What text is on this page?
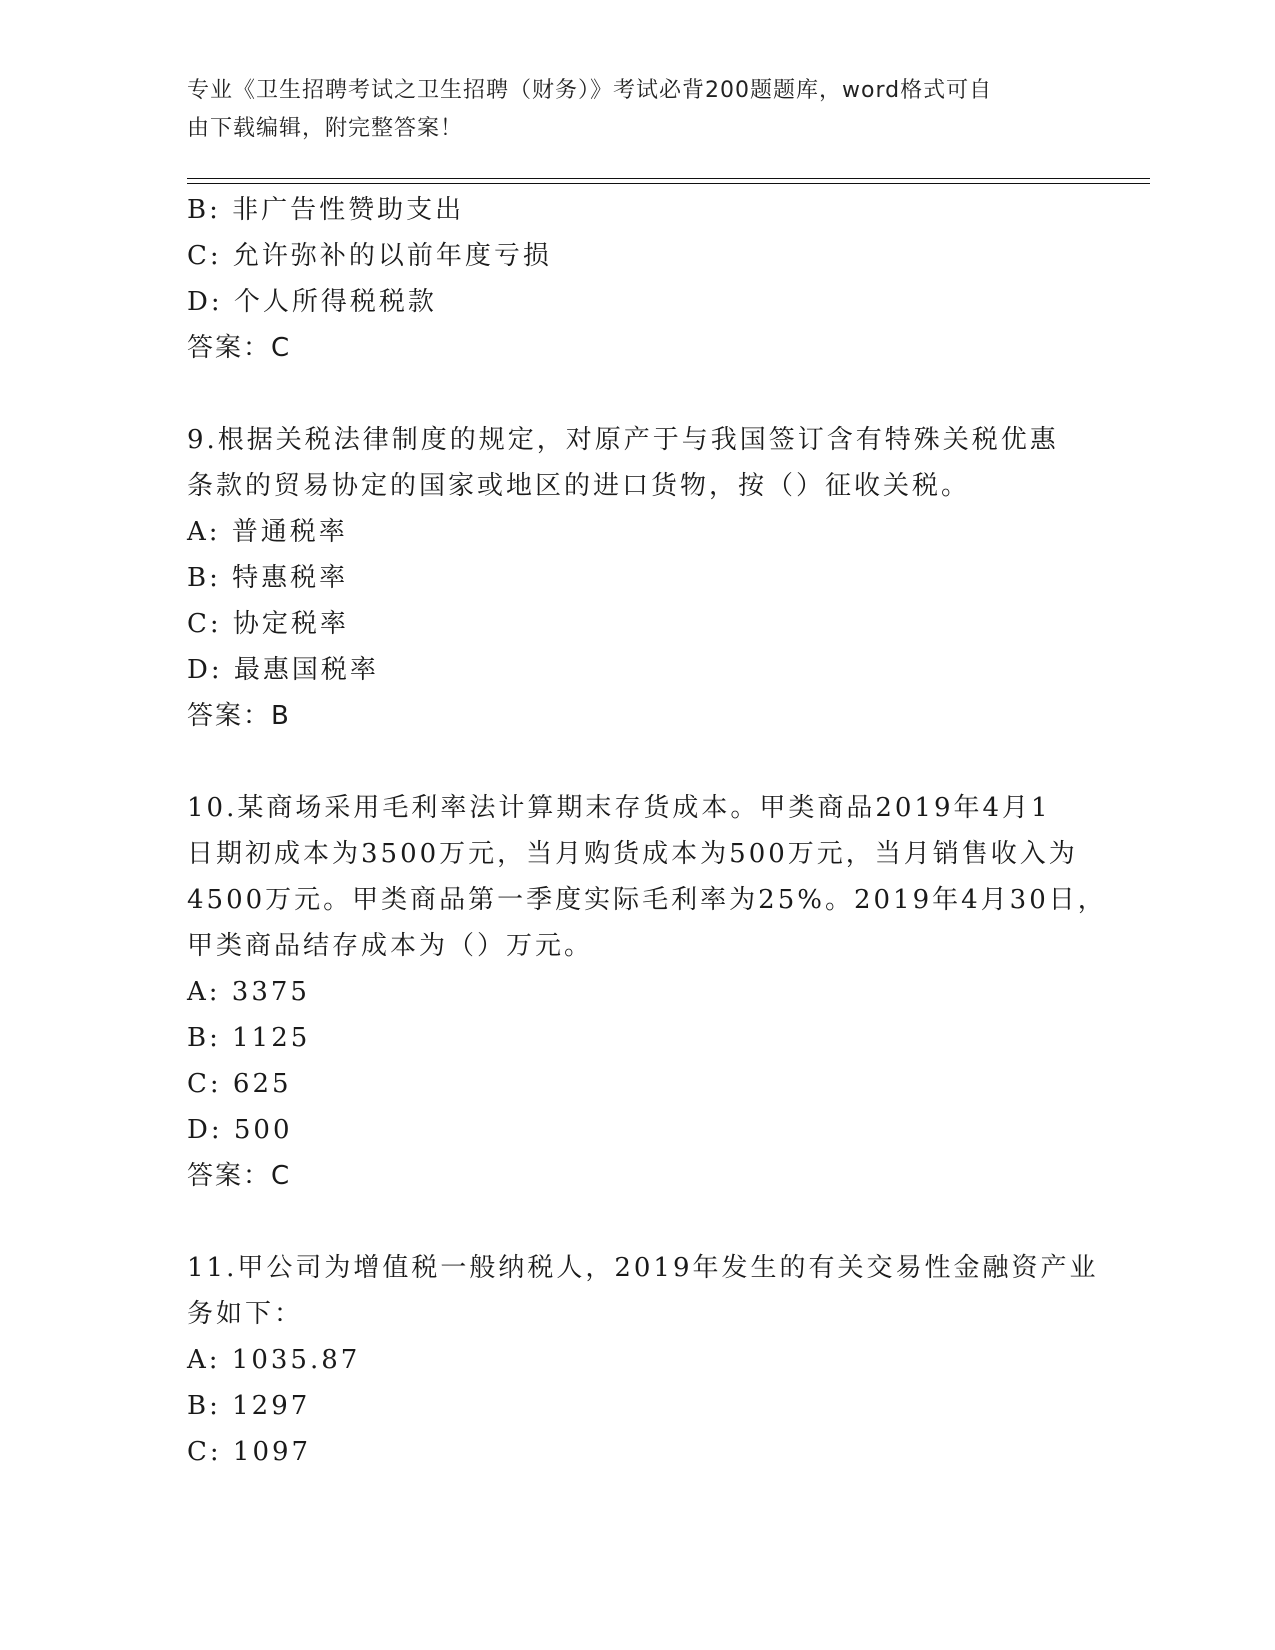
专业《卫生招聘考试之卫生招聘（财务）》考试必背200题题库，word格式可自
由下载编辑，附完整答案！
B: 非广告性赞助支出
C: 允许弥补的以前年度亏损
D: 个人所得税税款
答案：C
9.根据关税法律制度的规定，对原产于与我国签订含有特殊关税优惠
条款的贸易协定的国家或地区的进口货物，按（）征收关税。
A: 普通税率
B: 特惠税率
C: 协定税率
D: 最惠国税率
答案：B
10.某商场采用毛利率法计算期末存货成本。甲类商品2019年4月1
日期初成本为3500万元，当月购货成本为500万元，当月销售收入为
4500万元。甲类商品第一季度实际毛利率为25%。2019年4月30日，
甲类商品结存成本为（）万元。
A: 3375
B: 1125
C: 625
D: 500
答案：C
11.甲公司为增值税一般纳税人，2019年发生的有关交易性金融资产业
务如下：
A: 1035.87
B: 1297
C: 1097
